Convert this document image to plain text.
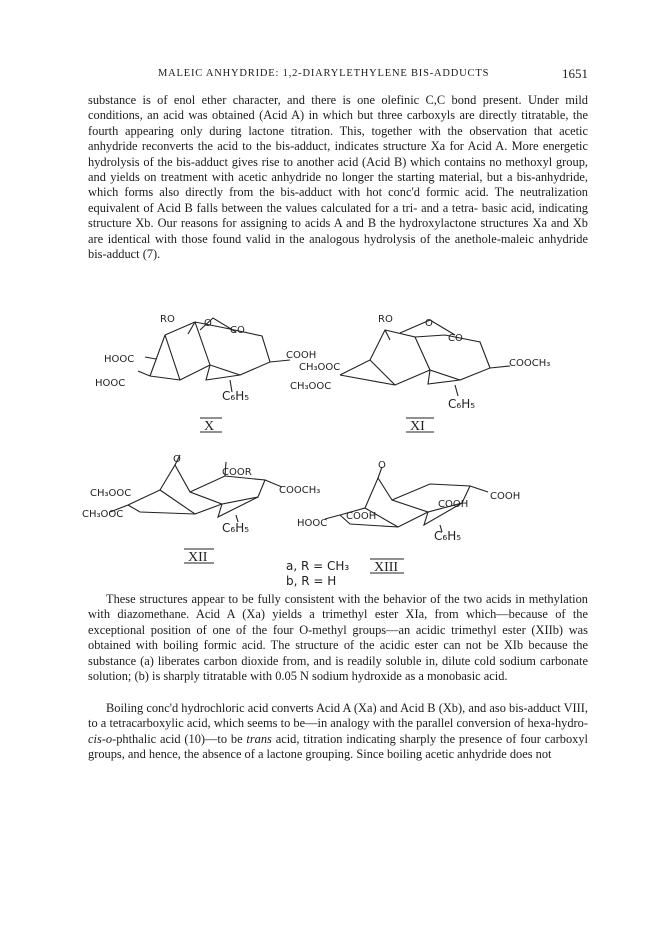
MALEIC ANHYDRIDE: 1,2-DIARYLETHYLENE BIS-ADDUCTS	1651

substance is of enol ether character, and there is one olefinic C,C bond present. Under mild conditions, an acid was obtained (Acid A) in which but three carboxyls are directly titratable, the fourth appearing only during lactone titration. This, together with the observation that acetic anhydride reconverts the acid to the bis-adduct, indicates structure Xa for Acid A. More energetic hydrolysis of the bis-adduct gives rise to another acid (Acid B) which contains no methoxyl group, and yields on treatment with acetic anhydride no longer the starting material, but a bis-anhydride, which forms also directly from the bis-adduct with hot conc'd formic acid. The neutralization equivalent of Acid B falls between the values calculated for a tri- and a tetra- basic acid, indicating structure Xb. Our reasons for assigning to acids A and B the hydroxylactone structures Xa and Xb are identical with those found valid in the analogous hydrolysis of the anethole-maleic anhydride bis-adduct (7).

RO	O
CO
HOOC
HOOC
COOH
C₆H₅
X
RO	O
CO
CH₃OOC
CH₃OOC
COOCH₃
C₆H₅
XI
O
COOR
CH₃OOC
CH₃OOC
COOCH₃
C₆H₅
XII
O
COOH
COOH
COOH
HOOC
C₆H₅
XIII
a, R = CH₃
b, R = H

These structures appear to be fully consistent with the behavior of the two acids in methylation with diazomethane. Acid A (Xa) yields a trimethyl ester XIa, from which—because of the exceptional position of one of the four O-methyl groups—an acidic trimethyl ester (XIIb) was obtained with boiling formic acid. The structure of the acidic ester can not be XIb because the substance (a) liberates carbon dioxide from, and is readily soluble in, dilute cold sodium carbonate solution; (b) is sharply titratable with 0.05 N sodium hydroxide as a monobasic acid.

Boiling conc'd hydrochloric acid converts Acid A (Xa) and Acid B (Xb), and aso bis-adduct VIII, to a tetracarboxylic acid, which seems to be—in analogy with the parallel conversion of hexa-hydro-cis-o-phthalic acid (10)—to be trans acid, titration indicating sharply the presence of four carboxyl groups, and hence, the absence of a lactone grouping. Since boiling acetic anhydride does not
